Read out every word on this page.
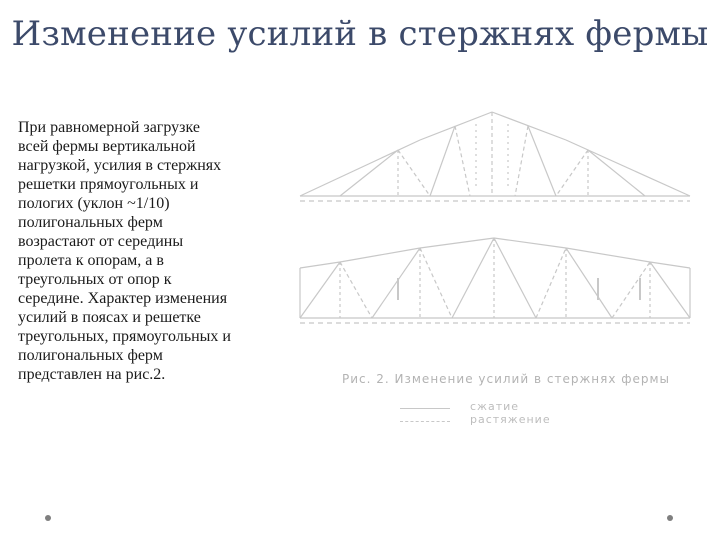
Изменение усилий в стержнях фермы
При равномерной загрузке
всей фермы вертикальной
нагрузкой, усилия в стержнях
решетки прямоугольных и
пологих (уклон ~1/10)
полигональных ферм
возрастают от середины
пролета к опорам, а в
треугольных от опор к
середине. Характер изменения
усилий в поясах и решетке
треугольных, прямоугольных и
полигональных ферм
представлен на рис.2.	Рис. 2. Изменение усилий в стержнях фермы
сжатие
растяжение
